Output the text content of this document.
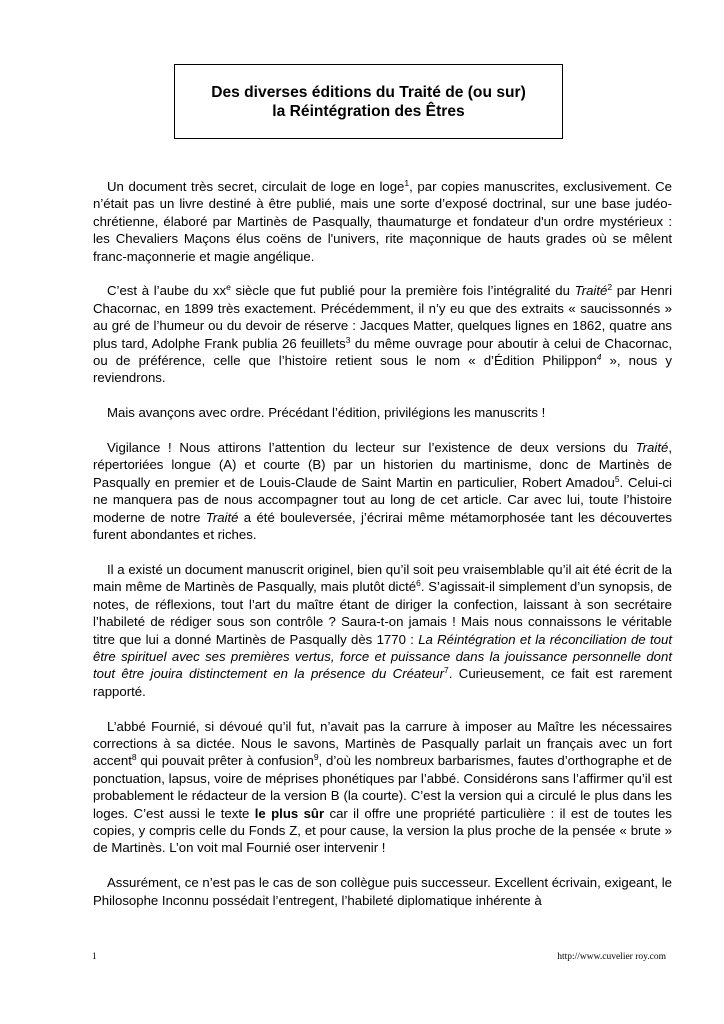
Des diverses éditions du Traité de (ou sur)
la Réintégration des Êtres

Un document très secret, circulait de loge en loge$^1$, par copies manuscrites, exclusivement. Ce n’était pas un livre destiné à être publié, mais une sorte d’exposé doctrinal, sur une base judéo-chrétienne, élaboré par Martinès de Pasqually, thaumaturge et fondateur d'un ordre mystérieux : les Chevaliers Maçons élus coëns de l'univers, rite maçonnique de hauts grades où se mêlent franc-maçonnerie et magie angélique.

C’est à l’aube du $xx^e$ siècle que fut publié pour la première fois l’intégralité du Traité$^2$ par Henri Chacornac, en 1899 très exactement. Précédemment, il n’y eu que des extraits « saucissonnés » au gré de l’humeur ou du devoir de réserve : Jacques Matter, quelques lignes en 1862, quatre ans plus tard, Adolphe Frank publia 26 feuillets$^3$ du même ouvrage pour aboutir à celui de Chacornac, ou de préférence, celle que l’histoire retient sous le nom « d’Édition Philippon$^4$ », nous y reviendrons.

Mais avançons avec ordre. Précédant l’édition, privilégions les manuscrits !

Vigilance ! Nous attirons l’attention du lecteur sur l’existence de deux versions du Traité, répertoriées longue (A) et courte (B) par un historien du martinisme, donc de Martinès de Pasqually en premier et de Louis-Claude de Saint Martin en particulier, Robert Amadou$^5$. Celui-ci ne manquera pas de nous accompagner tout au long de cet article. Car avec lui, toute l’histoire moderne de notre Traité a été bouleversée, j’écrirai même métamorphosée tant les découvertes furent abondantes et riches.

Il a existé un document manuscrit originel, bien qu’il soit peu vraisemblable qu’il ait été écrit de la main même de Martinès de Pasqually, mais plutôt dicté$^6$. S’agissait-il simplement d’un synopsis, de notes, de réflexions, tout l’art du maître étant de diriger la confection, laissant à son secrétaire l’habileté de rédiger sous son contrôle ? Saura-t-on jamais ! Mais nous connaissons le véritable titre que lui a donné Martinès de Pasqually dès 1770 : La Réintégration et la réconciliation de tout être spirituel avec ses premières vertus, force et puissance dans la jouissance personnelle dont tout être jouira distinctement en la présence du Créateur$^7$. Curieusement, ce fait est rarement rapporté.

L’abbé Fournié, si dévoué qu’il fut, n’avait pas la carrure à imposer au Maître les nécessaires corrections à sa dictée. Nous le savons, Martinès de Pasqually parlait un français avec un fort accent$^8$ qui pouvait prêter à confusion$^9$, d’où les nombreux barbarismes, fautes d’orthographe et de ponctuation, lapsus, voire de méprises phonétiques par l’abbé. Considérons sans l’affirmer qu’il est probablement le rédacteur de la version B (la courte). C’est la version qui a circulé le plus dans les loges. C’est aussi le texte le plus sûr car il offre une propriété particulière : il est de toutes les copies, y compris celle du Fonds Z, et pour cause, la version la plus proche de la pensée « brute » de Martinès. L’on voit mal Fournié oser intervenir !

Assurément, ce n’est pas le cas de son collègue puis successeur. Excellent écrivain, exigeant, le Philosophe Inconnu possédait l’entregent, l’habileté diplomatique inhérente à

1	http://www.cuvelier roy.com
